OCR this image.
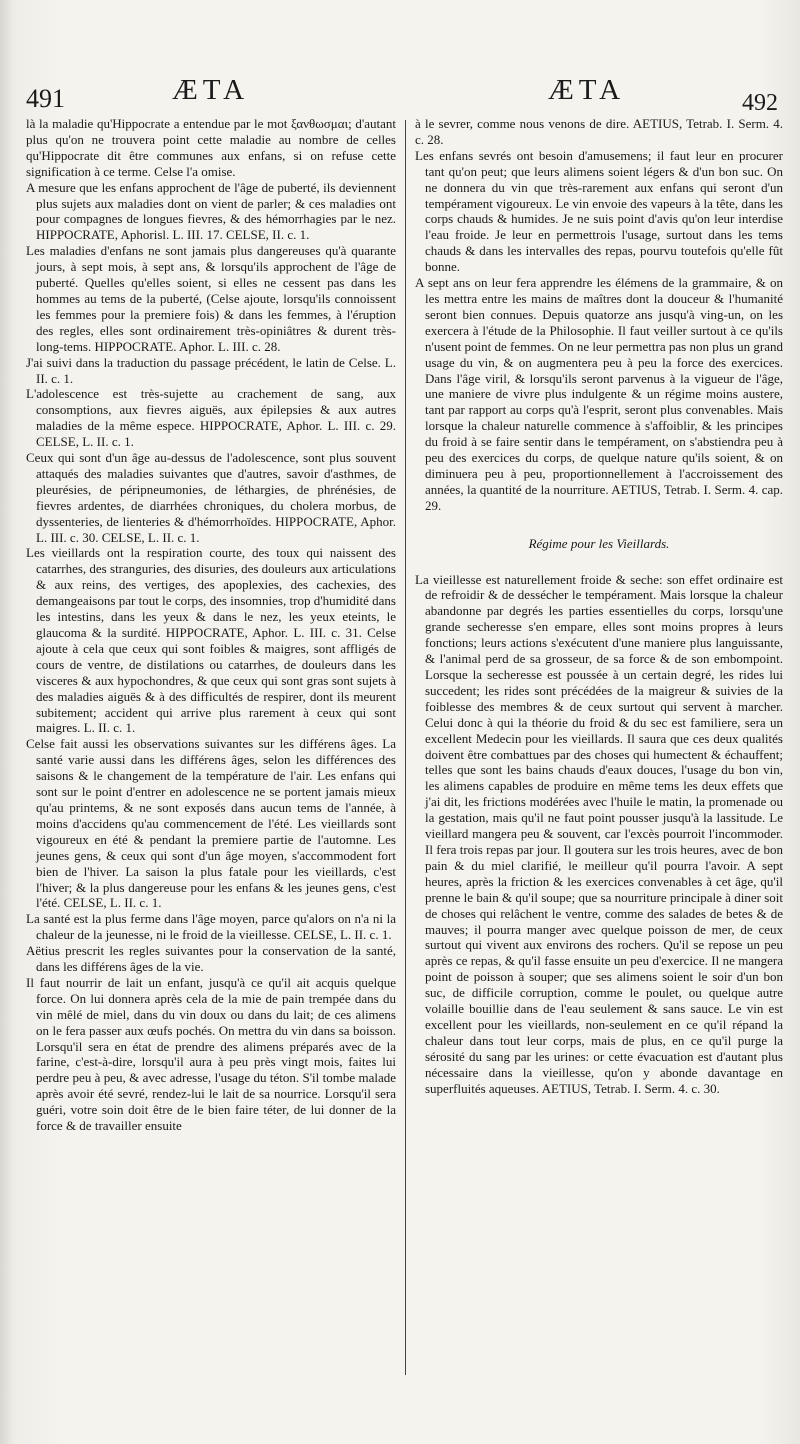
491	ÆTA	ÆTA	492

là la maladie qu'Hippocrate a entendue par le mot ξανθωσμαι; d'autant plus qu'on ne trouvera point cette maladie au nombre de celles qu'Hippocrate dit être communes aux enfans, si on refuse cette signification à ce terme. Celse l'a omise.

A mesure que les enfans approchent de l'âge de puberté, ils deviennent plus sujets aux maladies dont on vient de parler; & ces maladies ont pour compagnes de longues fievres, & des hémorrhagies par le nez. HIPPOCRATE, Aphorisl. L. III. 17. CELSE, II. c. 1.

Les maladies d'enfans ne sont jamais plus dangereuses qu'à quarante jours, à sept mois, à sept ans, & lorsqu'ils approchent de l'âge de puberté. Quelles qu'elles soient, si elles ne cessent pas dans les hommes au tems de la puberté, (Celse ajoute, lorsqu'ils connoissent les femmes pour la premiere fois) & dans les femmes, à l'éruption des regles, elles sont ordinairement très-opiniâtres & durent très-long-tems. HIPPOCRATE. Aphor. L. III. c. 28.

J'ai suivi dans la traduction du passage précédent, le latin de Celse. L. II. c. 1.

L'adolescence est très-sujette au crachement de sang, aux consomptions, aux fievres aiguës, aux épilepsies & aux autres maladies de la même espece. HIPPOCRATE, Aphor. L. III. c. 29. CELSE, L. II. c. 1.

Ceux qui sont d'un âge au-dessus de l'adolescence, sont plus souvent attaqués des maladies suivantes que d'autres, savoir d'asthmes, de pleurésies, de péripneumonies, de léthargies, de phrénésies, de fievres ardentes, de diarrhées chroniques, du cholera morbus, de dyssenteries, de lienteries & d'hémorrhoïdes. HIPPOCRATE, Aphor. L. III. c. 30. CELSE, L. II. c. 1.

Les vieillards ont la respiration courte, des toux qui naissent des catarrhes, des stranguries, des disuries, des douleurs aux articulations & aux reins, des vertiges, des apoplexies, des cachexies, des demangeaisons par tout le corps, des insomnies, trop d'humidité dans les intestins, dans les yeux & dans le nez, les yeux eteints, le glaucoma & la surdité. HIPPOCRATE, Aphor. L. III. c. 31. Celse ajoute à cela que ceux qui sont foibles & maigres, sont affligés de cours de ventre, de distilations ou catarrhes, de douleurs dans les visceres & aux hypochondres, & que ceux qui sont gras sont sujets à des maladies aiguës & à des difficultés de respirer, dont ils meurent subitement; accident qui arrive plus rarement à ceux qui sont maigres. L. II. c. 1.

Celse fait aussi les observations suivantes sur les différens âges. La santé varie aussi dans les différens âges, selon les différences des saisons & le changement de la température de l'air. Les enfans qui sont sur le point d'entrer en adolescence ne se portent jamais mieux qu'au printems, & ne sont exposés dans aucun tems de l'année, à moins d'accidens qu'au commencement de l'été. Les vieillards sont vigoureux en été & pendant la premiere partie de l'automne. Les jeunes gens, & ceux qui sont d'un âge moyen, s'accommodent fort bien de l'hiver. La saison la plus fatale pour les vieillards, c'est l'hiver; & la plus dangereuse pour les enfans & les jeunes gens, c'est l'été. CELSE, L. II. c. 1.

La santé est la plus ferme dans l'âge moyen, parce qu'alors on n'a ni la chaleur de la jeunesse, ni le froid de la vieillesse. CELSE, L. II. c. 1.

Aëtius prescrit les regles suivantes pour la conservation de la santé, dans les différens âges de la vie.

Il faut nourrir de lait un enfant, jusqu'à ce qu'il ait acquis quelque force. On lui donnera après cela de la mie de pain trempée dans du vin mêlé de miel, dans du vin doux ou dans du lait; de ces alimens on le fera passer aux œufs pochés. On mettra du vin dans sa boisson. Lorsqu'il sera en état de prendre des alimens préparés avec de la farine, c'est-à-dire, lorsqu'il aura à peu près vingt mois, faites lui perdre peu à peu, & avec adresse, l'usage du téton. S'il tombe malade après avoir été sevré, rendez-lui le lait de sa nourrice. Lorsqu'il sera guéri, votre soin doit être de le bien faire téter, de lui donner de la force & de travailler ensuite

à le sevrer, comme nous venons de dire. AETIUS, Tetrab. I. Serm. 4. c. 28.

Les enfans sevrés ont besoin d'amusemens; il faut leur en procurer tant qu'on peut; que leurs alimens soient légers & d'un bon suc. On ne donnera du vin que très-rarement aux enfans qui seront d'un tempérament vigoureux. Le vin envoie des vapeurs à la tête, dans les corps chauds & humides. Je ne suis point d'avis qu'on leur interdise l'eau froide. Je leur en permettrois l'usage, surtout dans les tems chauds & dans les intervalles des repas, pourvu toutefois qu'elle fût bonne.

A sept ans on leur fera apprendre les élémens de la grammaire, & on les mettra entre les mains de maîtres dont la douceur & l'humanité seront bien connues. Depuis quatorze ans jusqu'à ving-un, on les exercera à l'étude de la Philosophie. Il faut veiller surtout à ce qu'ils n'usent point de femmes. On ne leur permettra pas non plus un grand usage du vin, & on augmentera peu à peu la force des exercices. Dans l'âge viril, & lorsqu'ils seront parvenus à la vigueur de l'âge, une maniere de vivre plus indulgente & un régime moins austere, tant par rapport au corps qu'à l'esprit, seront plus convenables. Mais lorsque la chaleur naturelle commence à s'affoiblir, & les principes du froid à se faire sentir dans le tempérament, on s'abstiendra peu à peu des exercices du corps, de quelque nature qu'ils soient, & on diminuera peu à peu, proportionnellement à l'accroissement des années, la quantité de la nourriture. AETIUS, Tetrab. I. Serm. 4. cap. 29.

Régime pour les Vieillards.

La vieillesse est naturellement froide & seche: son effet ordinaire est de refroidir & de dessécher le tempérament. Mais lorsque la chaleur abandonne par degrés les parties essentielles du corps, lorsqu'une grande secheresse s'en empare, elles sont moins propres à leurs fonctions; leurs actions s'exécutent d'une maniere plus languissante, & l'animal perd de sa grosseur, de sa force & de son embompoint. Lorsque la secheresse est poussée à un certain degré, les rides lui succedent; les rides sont précédées de la maigreur & suivies de la foiblesse des membres & de ceux surtout qui servent à marcher. Celui donc à qui la théorie du froid & du sec est familiere, sera un excellent Medecin pour les vieillards. Il saura que ces deux qualités doivent être combattues par des choses qui humectent & échauffent; telles que sont les bains chauds d'eaux douces, l'usage du bon vin, les alimens capables de produire en même tems les deux effets que j'ai dit, les frictions modérées avec l'huile le matin, la promenade ou la gestation, mais qu'il ne faut point pousser jusqu'à la lassitude. Le vieillard mangera peu & souvent, car l'excès pourroit l'incommoder. Il fera trois repas par jour. Il goutera sur les trois heures, avec de bon pain & du miel clarifié, le meilleur qu'il pourra l'avoir. A sept heures, après la friction & les exercices convenables à cet âge, qu'il prenne le bain & qu'il soupe; que sa nourriture principale à diner soit de choses qui relâchent le ventre, comme des salades de betes & de mauves; il pourra manger avec quelque poisson de mer, de ceux surtout qui vivent aux environs des rochers. Qu'il se repose un peu après ce repas, & qu'il fasse ensuite un peu d'exercice. Il ne mangera point de poisson à souper; que ses alimens soient le soir d'un bon suc, de difficile corruption, comme le poulet, ou quelque autre volaille bouillie dans de l'eau seulement & sans sauce. Le vin est excellent pour les vieillards, non-seulement en ce qu'il répand la chaleur dans tout leur corps, mais de plus, en ce qu'il purge la sérosité du sang par les urines: or cette évacuation est d'autant plus nécessaire dans la vieillesse, qu'on y abonde davantage en superfluités aqueuses. AETIUS, Tetrab. I. Serm. 4. c. 30.
